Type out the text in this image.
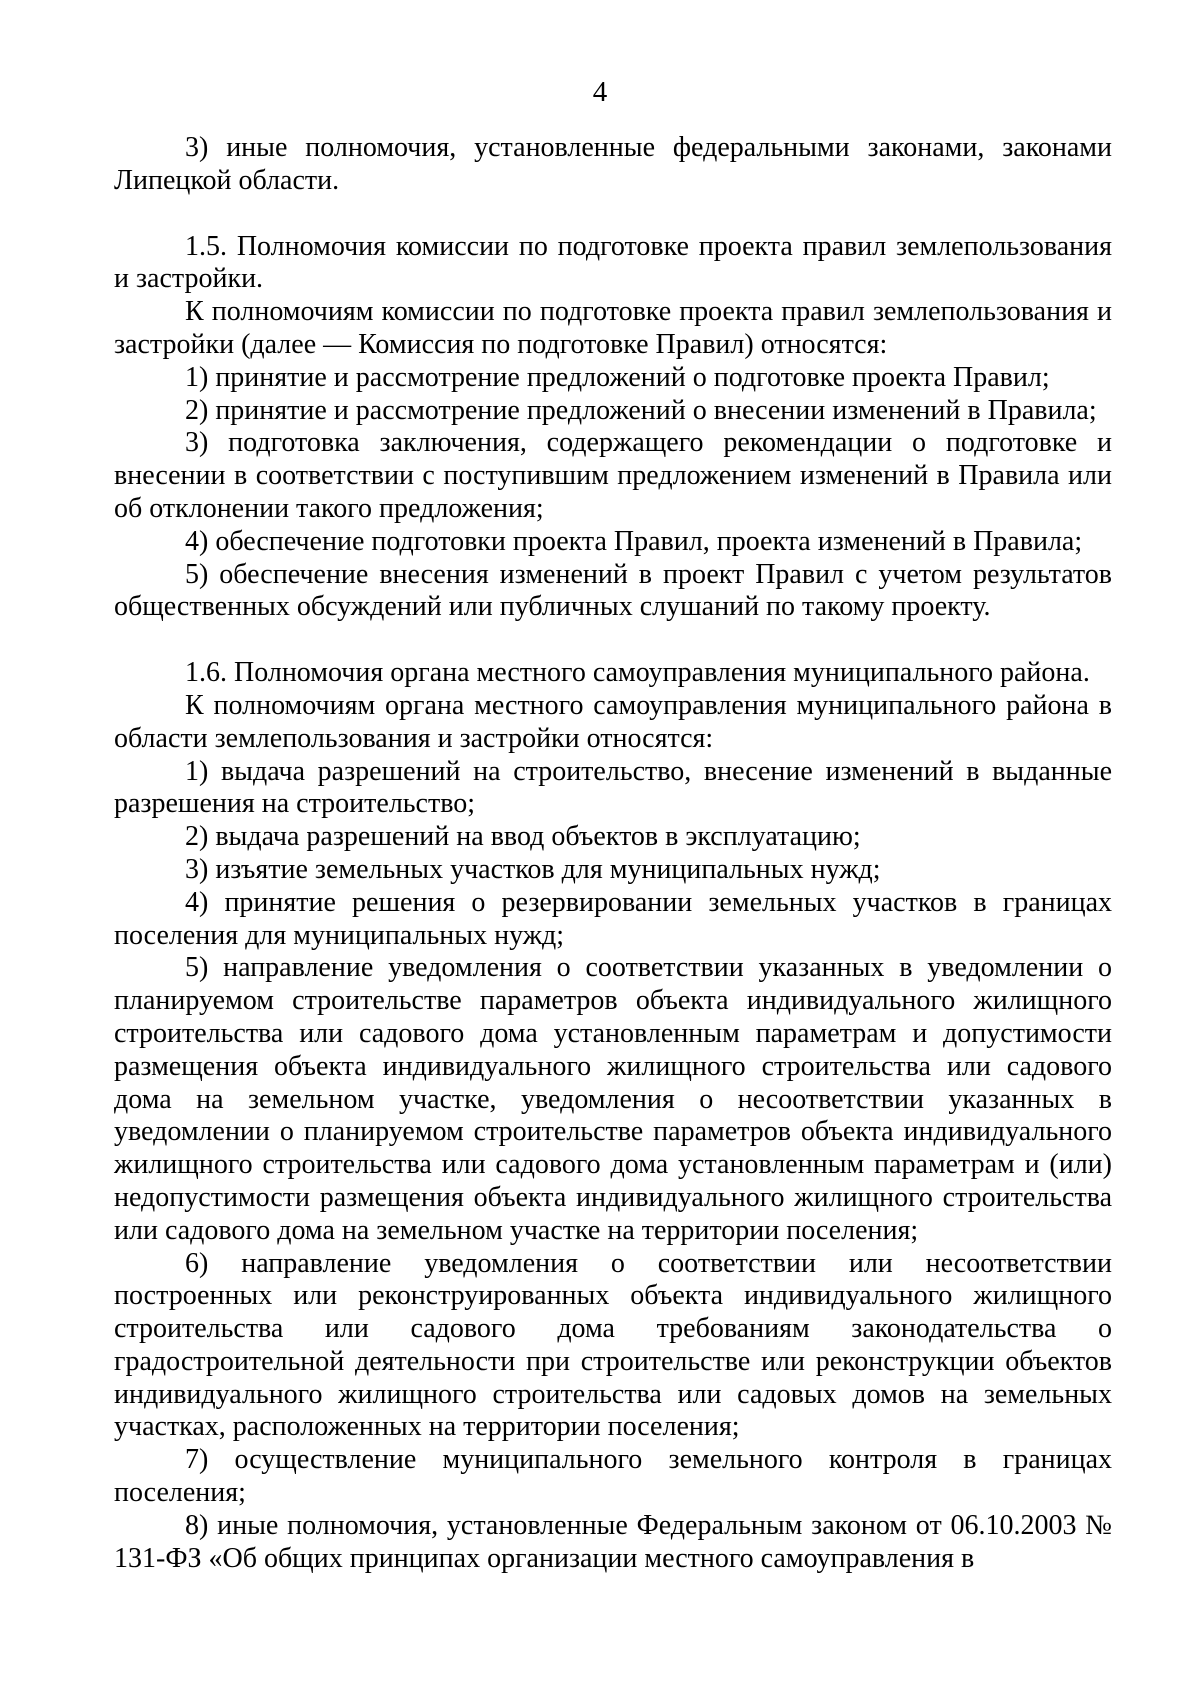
4

3) иные полномочия, установленные федеральными законами, законами Липецкой области.

1.5. Полномочия комиссии по подготовке проекта правил землепользования и застройки.

К полномочиям комиссии по подготовке проекта правил землепользования и застройки (далее — Комиссия по подготовке Правил) относятся:

1) принятие и рассмотрение предложений о подготовке проекта Правил;

2) принятие и рассмотрение предложений о внесении изменений в Правила;

3) подготовка заключения, содержащего рекомендации о подготовке и внесении в соответствии с поступившим предложением изменений в Правила или об отклонении такого предложения;

4) обеспечение подготовки проекта Правил, проекта изменений в Правила;

5) обеспечение внесения изменений в проект Правил с учетом результатов общественных обсуждений или публичных слушаний по такому проекту.

1.6. Полномочия органа местного самоуправления муниципального района.

К полномочиям органа местного самоуправления муниципального района в области землепользования и застройки относятся:

1) выдача разрешений на строительство, внесение изменений в выданные разрешения на строительство;

2) выдача разрешений на ввод объектов в эксплуатацию;

3) изъятие земельных участков для муниципальных нужд;

4) принятие решения о резервировании земельных участков в границах поселения для муниципальных нужд;

5) направление уведомления о соответствии указанных в уведомлении о планируемом строительстве параметров объекта индивидуального жилищного строительства или садового дома установленным параметрам и допустимости размещения объекта индивидуального жилищного строительства или садового дома на земельном участке, уведомления о несоответствии указанных в уведомлении о планируемом строительстве параметров объекта индивидуального жилищного строительства или садового дома установленным параметрам и (или) недопустимости размещения объекта индивидуального жилищного строительства или садового дома на земельном участке на территории поселения;

6) направление уведомления о соответствии или несоответствии построенных или реконструированных объекта индивидуального жилищного строительства или садового дома требованиям законодательства о градостроительной деятельности при строительстве или реконструкции объектов индивидуального жилищного строительства или садовых домов на земельных участках, расположенных на территории поселения;

7) осуществление муниципального земельного контроля в границах поселения;

8) иные полномочия, установленные Федеральным законом от 06.10.2003 № 131-ФЗ «Об общих принципах организации местного самоуправления в
